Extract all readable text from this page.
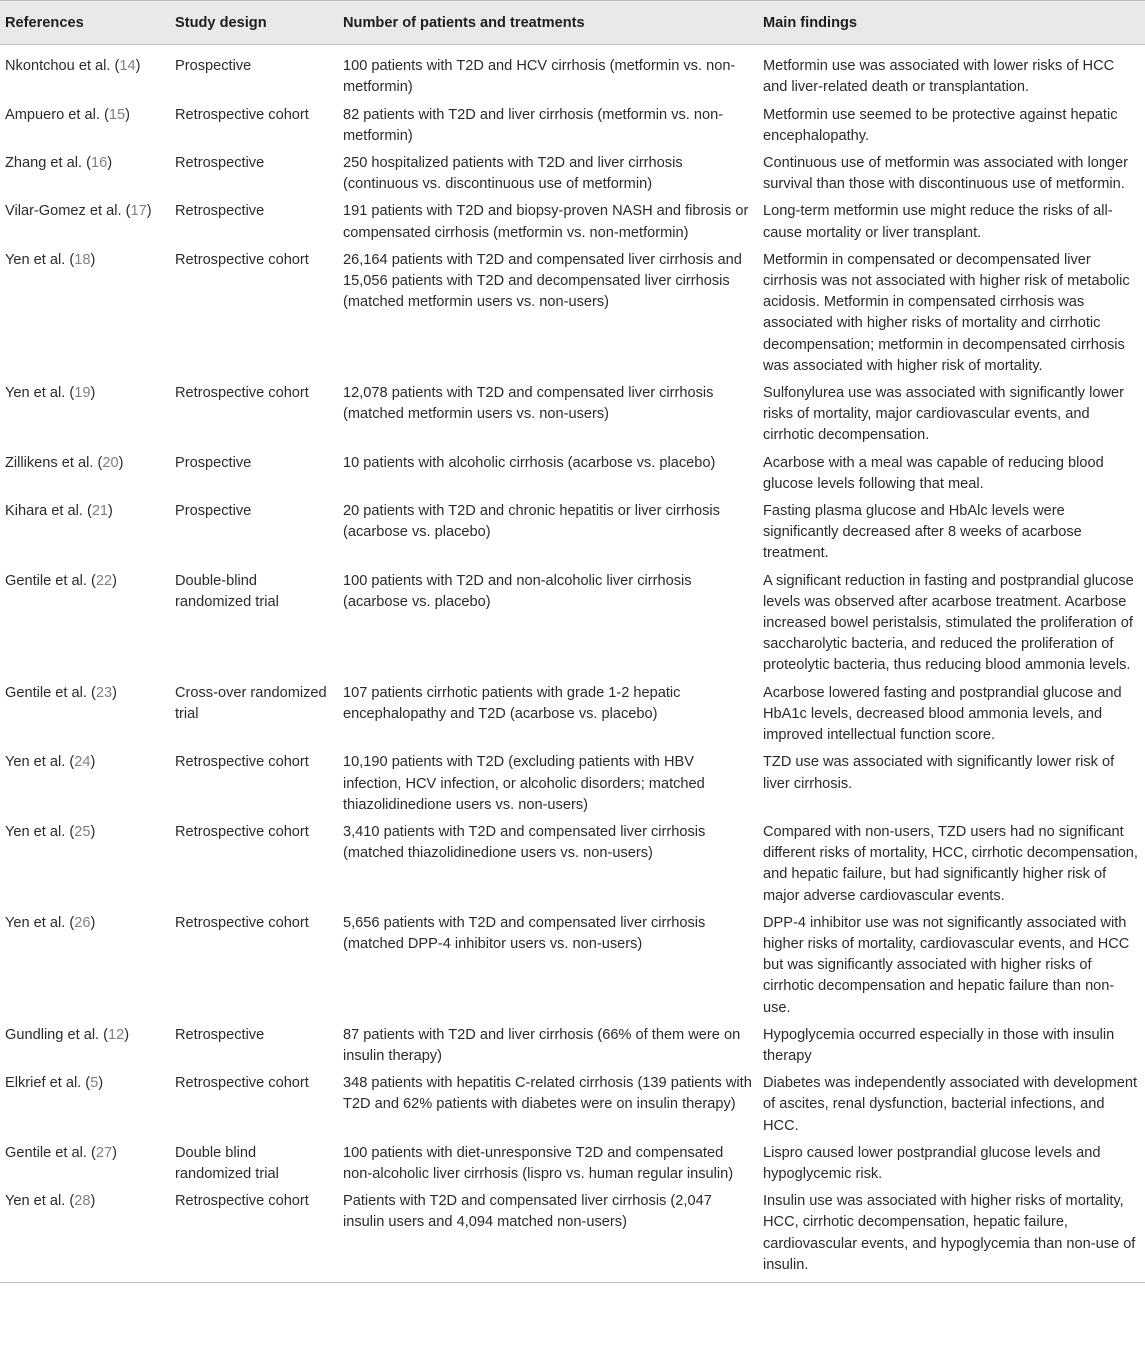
References	Study design	Number of patients and treatments	Main findings
Nkontchou et al. (14)	Prospective	100 patients with T2D and HCV cirrhosis (metformin vs. non-metformin)	Metformin use was associated with lower risks of HCC and liver-related death or transplantation.
Ampuero et al. (15)	Retrospective cohort	82 patients with T2D and liver cirrhosis (metformin vs. non-metformin)	Metformin use seemed to be protective against hepatic encephalopathy.
Zhang et al. (16)	Retrospective	250 hospitalized patients with T2D and liver cirrhosis (continuous vs. discontinuous use of metformin)	Continuous use of metformin was associated with longer survival than those with discontinuous use of metformin.
Vilar-Gomez et al. (17)	Retrospective	191 patients with T2D and biopsy-proven NASH and fibrosis or compensated cirrhosis (metformin vs. non-metformin)	Long-term metformin use might reduce the risks of all-cause mortality or liver transplant.
Yen et al. (18)	Retrospective cohort	26,164 patients with T2D and compensated liver cirrhosis and 15,056 patients with T2D and decompensated liver cirrhosis (matched metformin users vs. non-users)	Metformin in compensated or decompensated liver cirrhosis was not associated with higher risk of metabolic acidosis. Metformin in compensated cirrhosis was associated with higher risks of mortality and cirrhotic decompensation; metformin in decompensated cirrhosis was associated with higher risk of mortality.
Yen et al. (19)	Retrospective cohort	12,078 patients with T2D and compensated liver cirrhosis (matched metformin users vs. non-users)	Sulfonylurea use was associated with significantly lower risks of mortality, major cardiovascular events, and cirrhotic decompensation.
Zillikens et al. (20)	Prospective	10 patients with alcoholic cirrhosis (acarbose vs. placebo)	Acarbose with a meal was capable of reducing blood glucose levels following that meal.
Kihara et al. (21)	Prospective	20 patients with T2D and chronic hepatitis or liver cirrhosis (acarbose vs. placebo)	Fasting plasma glucose and HbAlc levels were significantly decreased after 8 weeks of acarbose treatment.
Gentile et al. (22)	Double-blind randomized trial	100 patients with T2D and non-alcoholic liver cirrhosis (acarbose vs. placebo)	A significant reduction in fasting and postprandial glucose levels was observed after acarbose treatment. Acarbose increased bowel peristalsis, stimulated the proliferation of saccharolytic bacteria, and reduced the proliferation of proteolytic bacteria, thus reducing blood ammonia levels.
Gentile et al. (23)	Cross-over randomized trial	107 patients cirrhotic patients with grade 1-2 hepatic encephalopathy and T2D (acarbose vs. placebo)	Acarbose lowered fasting and postprandial glucose and HbA1c levels, decreased blood ammonia levels, and improved intellectual function score.
Yen et al. (24)	Retrospective cohort	10,190 patients with T2D (excluding patients with HBV infection, HCV infection, or alcoholic disorders; matched thiazolidinedione users vs. non-users)	TZD use was associated with significantly lower risk of liver cirrhosis.
Yen et al. (25)	Retrospective cohort	3,410 patients with T2D and compensated liver cirrhosis (matched thiazolidinedione users vs. non-users)	Compared with non-users, TZD users had no significant different risks of mortality, HCC, cirrhotic decompensation, and hepatic failure, but had significantly higher risk of major adverse cardiovascular events.
Yen et al. (26)	Retrospective cohort	5,656 patients with T2D and compensated liver cirrhosis (matched DPP-4 inhibitor users vs. non-users)	DPP-4 inhibitor use was not significantly associated with higher risks of mortality, cardiovascular events, and HCC but was significantly associated with higher risks of cirrhotic decompensation and hepatic failure than non-use.
Gundling et al. (12)	Retrospective	87 patients with T2D and liver cirrhosis (66% of them were on insulin therapy)	Hypoglycemia occurred especially in those with insulin therapy
Elkrief et al. (5)	Retrospective cohort	348 patients with hepatitis C-related cirrhosis (139 patients with T2D and 62% patients with diabetes were on insulin therapy)	Diabetes was independently associated with development of ascites, renal dysfunction, bacterial infections, and HCC.
Gentile et al. (27)	Double blind randomized trial	100 patients with diet-unresponsive T2D and compensated non-alcoholic liver cirrhosis (lispro vs. human regular insulin)	Lispro caused lower postprandial glucose levels and hypoglycemic risk.
Yen et al. (28)	Retrospective cohort	Patients with T2D and compensated liver cirrhosis (2,047 insulin users and 4,094 matched non-users)	Insulin use was associated with higher risks of mortality, HCC, cirrhotic decompensation, hepatic failure, cardiovascular events, and hypoglycemia than non-use of insulin.
